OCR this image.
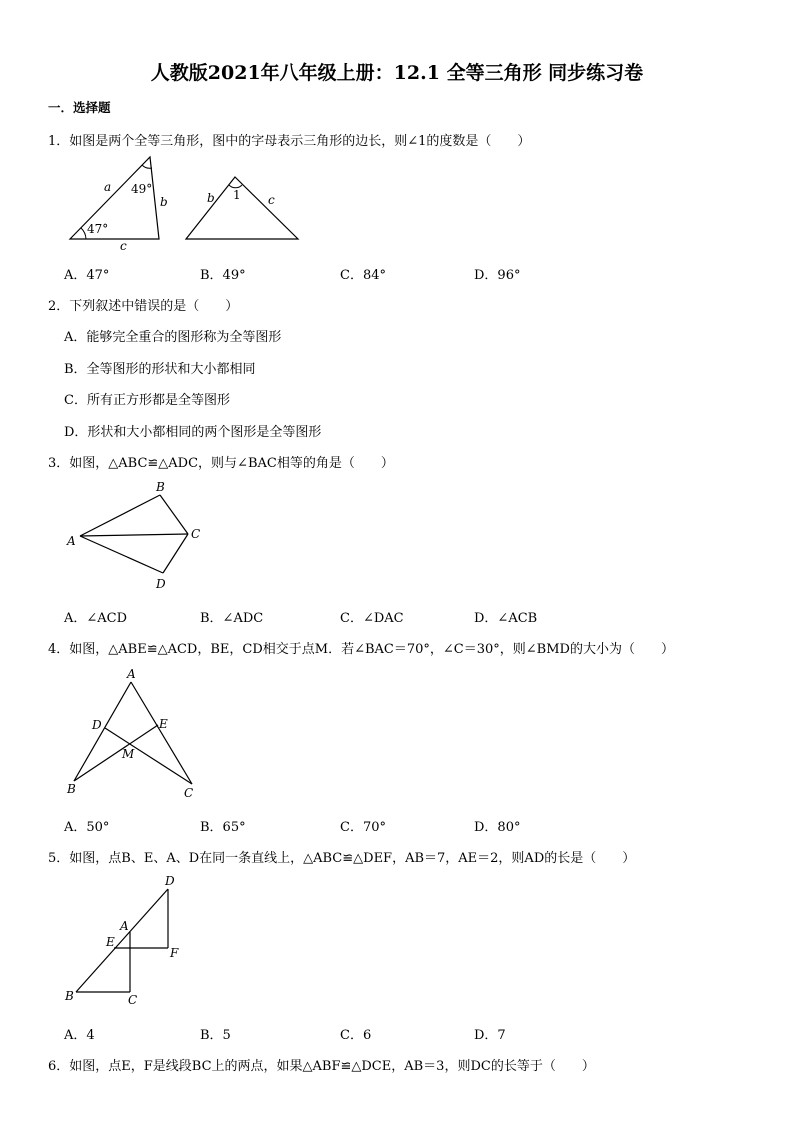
人教版2021年八年级上册：12.1 全等三角形 同步练习卷
一．选择题
1．如图是两个全等三角形，图中的字母表示三角形的边长，则∠1的度数是（　　）
a
b
c
49°
47°
b	c
1
A．47°	B．49°	C．84°	D．96°
2．下列叙述中错误的是（　　）
A．能够完全重合的图形称为全等图形
B．全等图形的形状和大小都相同
C．所有正方形都是全等图形
D．形状和大小都相同的两个图形是全等图形
3．如图，△ABC≌△ADC，则与∠BAC相等的角是（　　）
A
B
C
D
A．∠ACD	B．∠ADC	C．∠DAC	D．∠ACB
4．如图，△ABE≌△ACD，BE，CD相交于点M．若∠BAC＝70°，∠C＝30°，则∠BMD的大小为（　　）
A
D	E
M
B	C
A．50°	B．65°	C．70°	D．80°
5．如图，点B、E、A、D在同一条直线上，△ABC≌△DEF，AB＝7，AE＝2，则AD的长是（　　）
D
A
E
F
B	C
A．4	B．5	C．6	D．7
6．如图，点E，F是线段BC上的两点，如果△ABF≌△DCE，AB＝3，则DC的长等于（　　）
